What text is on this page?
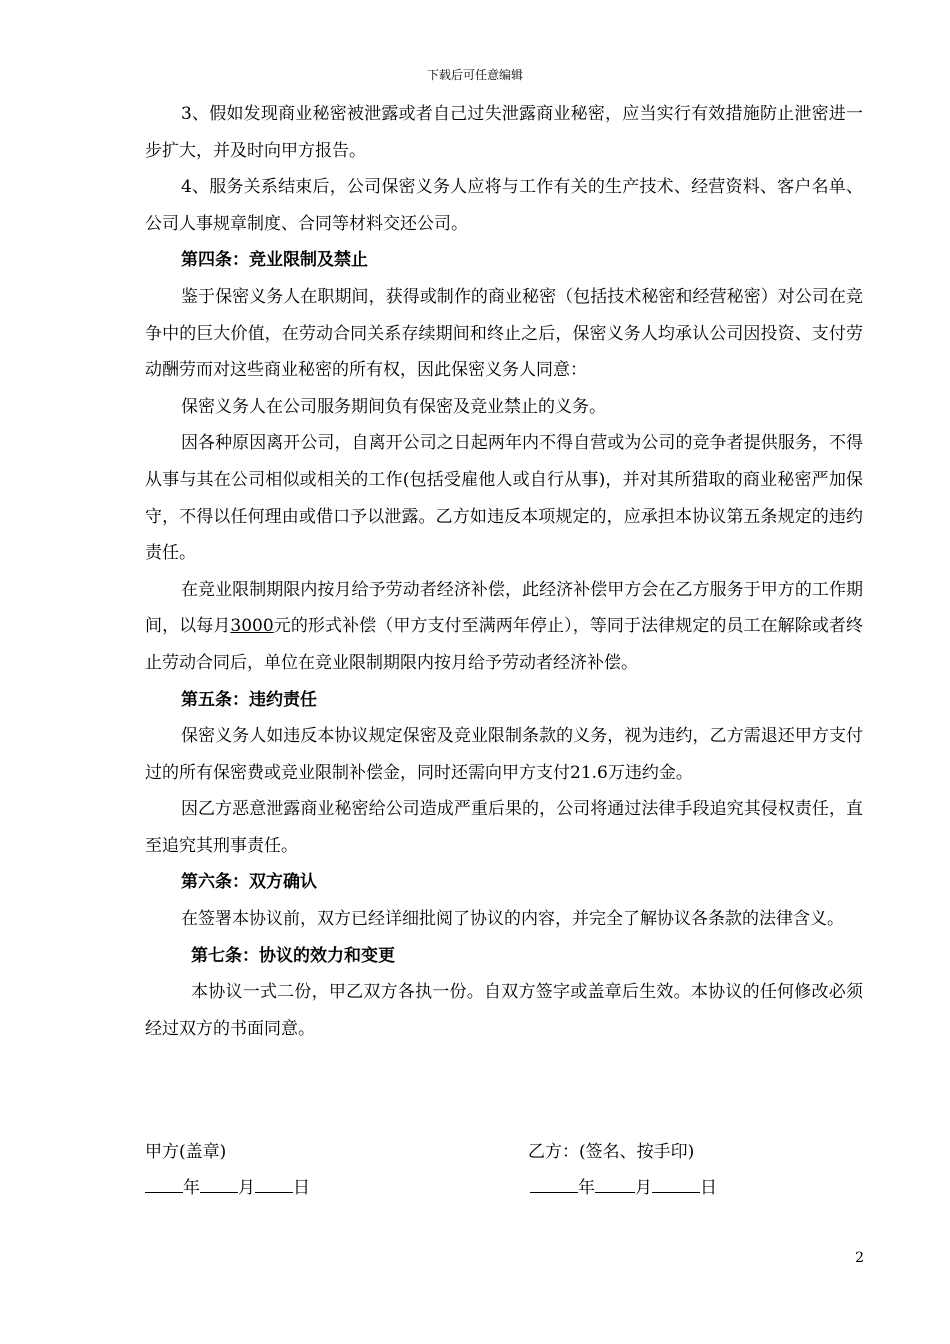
下载后可任意编辑

3、假如发现商业秘密被泄露或者自己过失泄露商业秘密，应当实行有效措施防止泄密进一步扩大，并及时向甲方报告。

4、服务关系结束后，公司保密义务人应将与工作有关的生产技术、经营资料、客户名单、公司人事规章制度、合同等材料交还公司。

第四条：竞业限制及禁止

鉴于保密义务人在职期间，获得或制作的商业秘密（包括技术秘密和经营秘密）对公司在竞争中的巨大价值，在劳动合同关系存续期间和终止之后，保密义务人均承认公司因投资、支付劳动酬劳而对这些商业秘密的所有权，因此保密义务人同意：

保密义务人在公司服务期间负有保密及竞业禁止的义务。

因各种原因离开公司，自离开公司之日起两年内不得自营或为公司的竞争者提供服务，不得从事与其在公司相似或相关的工作(包括受雇他人或自行从事)，并对其所猎取的商业秘密严加保守，不得以任何理由或借口予以泄露。乙方如违反本项规定的，应承担本协议第五条规定的违约责任。

在竞业限制期限内按月给予劳动者经济补偿，此经济补偿甲方会在乙方服务于甲方的工作期间，以每月3000元的形式补偿（甲方支付至满两年停止），等同于法律规定的员工在解除或者终止劳动合同后，单位在竞业限制期限内按月给予劳动者经济补偿。

第五条：违约责任

保密义务人如违反本协议规定保密及竞业限制条款的义务，视为违约，乙方需退还甲方支付过的所有保密费或竞业限制补偿金，同时还需向甲方支付21.6万违约金。

因乙方恶意泄露商业秘密给公司造成严重后果的，公司将通过法律手段追究其侵权责任，直至追究其刑事责任。

第六条：双方确认

在签署本协议前，双方已经详细批阅了协议的内容，并完全了解协议各条款的法律含义。

第七条：协议的效力和变更

本协议一式二份，甲乙双方各执一份。自双方签字或盖章后生效。本协议的任何修改必须经过双方的书面同意。

甲方(盖章)	乙方：(签名、按手印)
年 月 日	年 月	日
2
